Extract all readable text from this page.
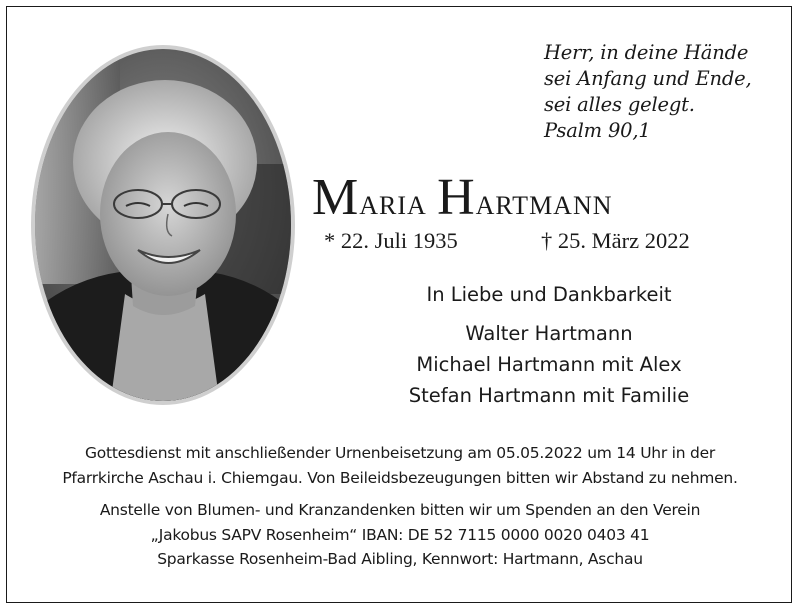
Herr, in deine Hände
sei Anfang und Ende,
sei alles gelegt.
Psalm 90,1
Maria Hartmann
* 22. Juli 1935	† 25. März 2022
In Liebe und Dankbarkeit
Walter Hartmann
Michael Hartmann mit Alex
Stefan Hartmann mit Familie
Gottesdienst mit anschließender Urnenbeisetzung am 05.05.2022 um 14 Uhr in der
Pfarrkirche Aschau i. Chiemgau. Von Beileidsbezeugungen bitten wir Abstand zu nehmen.
Anstelle von Blumen- und Kranzandenken bitten wir um Spenden an den Verein
„Jakobus SAPV Rosenheim“ IBAN: DE 52 7115 0000 0020 0403 41
Sparkasse Rosenheim-Bad Aibling, Kennwort: Hartmann, Aschau
